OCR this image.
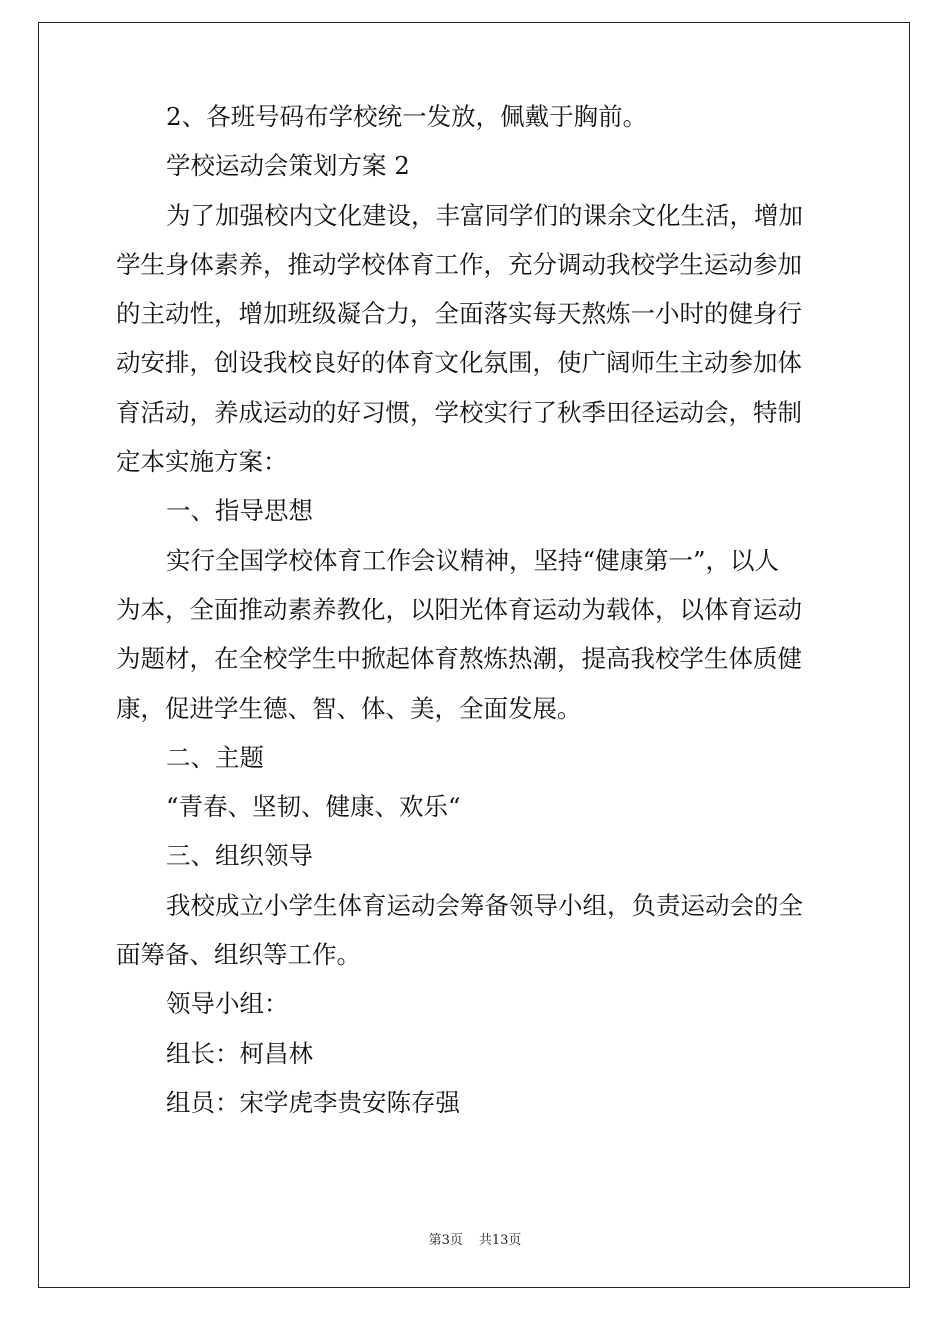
2、各班号码布学校统一发放，佩戴于胸前。
学校运动会策划方案 2
为了加强校内文化建设，丰富同学们的课余文化生活，增加
学生身体素养，推动学校体育工作，充分调动我校学生运动参加
的主动性，增加班级凝合力，全面落实每天熬炼一小时的健身行
动安排，创设我校良好的体育文化氛围，使广阔师生主动参加体
育活动，养成运动的好习惯，学校实行了秋季田径运动会，特制
定本实施方案：
一、指导思想
实行全国学校体育工作会议精神，坚持“健康第一”，以人
为本，全面推动素养教化，以阳光体育运动为载体，以体育运动
为题材，在全校学生中掀起体育熬炼热潮，提高我校学生体质健
康，促进学生德、智、体、美，全面发展。
二、主题
“青春、坚韧、健康、欢乐“
三、组织领导
我校成立小学生体育运动会筹备领导小组，负责运动会的全
面筹备、组织等工作。
领导小组：
组长：柯昌林
组员：宋学虎李贵安陈存强
第3页 共13页
